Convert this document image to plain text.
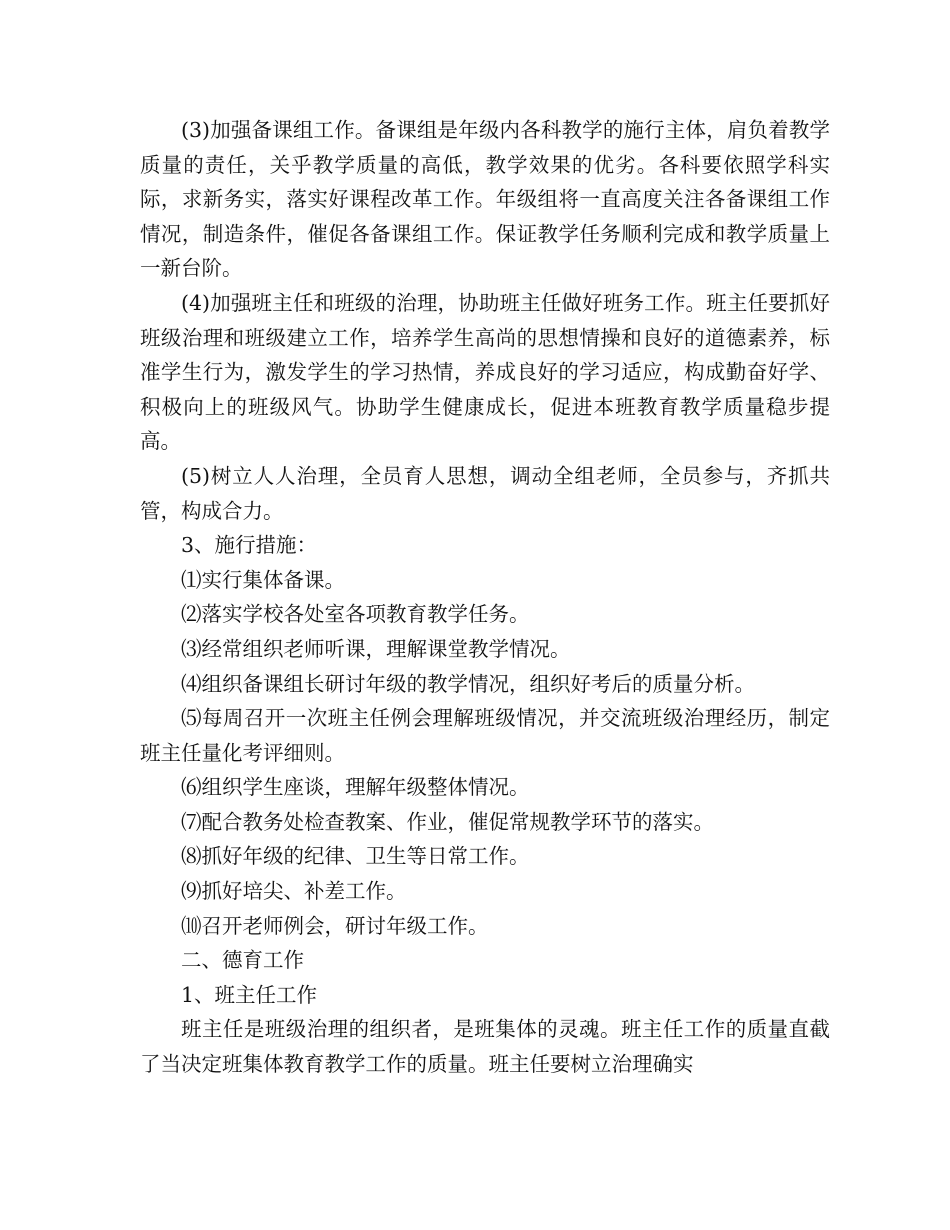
(3)加强备课组工作。备课组是年级内各科教学的施行主体，肩负着教学质量的责任，关乎教学质量的高低，教学效果的优劣。各科要依照学科实际，求新务实，落实好课程改革工作。年级组将一直高度关注各备课组工作情况，制造条件，催促各备课组工作。保证教学任务顺利完成和教学质量上一新台阶。

(4)加强班主任和班级的治理，协助班主任做好班务工作。班主任要抓好班级治理和班级建立工作，培养学生高尚的思想情操和良好的道德素养，标准学生行为，激发学生的学习热情，养成良好的学习适应，构成勤奋好学、积极向上的班级风气。协助学生健康成长，促进本班教育教学质量稳步提高。

(5)树立人人治理，全员育人思想，调动全组老师，全员参与，齐抓共管，构成合力。

3、施行措施：

⑴实行集体备课。

⑵落实学校各处室各项教育教学任务。

⑶经常组织老师听课，理解课堂教学情况。

⑷组织备课组长研讨年级的教学情况，组织好考后的质量分析。

⑸每周召开一次班主任例会理解班级情况，并交流班级治理经历，制定班主任量化考评细则。

⑹组织学生座谈，理解年级整体情况。

⑺配合教务处检查教案、作业，催促常规教学环节的落实。

⑻抓好年级的纪律、卫生等日常工作。

⑼抓好培尖、补差工作。

⑽召开老师例会，研讨年级工作。

二、德育工作

1、班主任工作

班主任是班级治理的组织者，是班集体的灵魂。班主任工作的质量直截了当决定班集体教育教学工作的质量。班主任要树立治理确实
